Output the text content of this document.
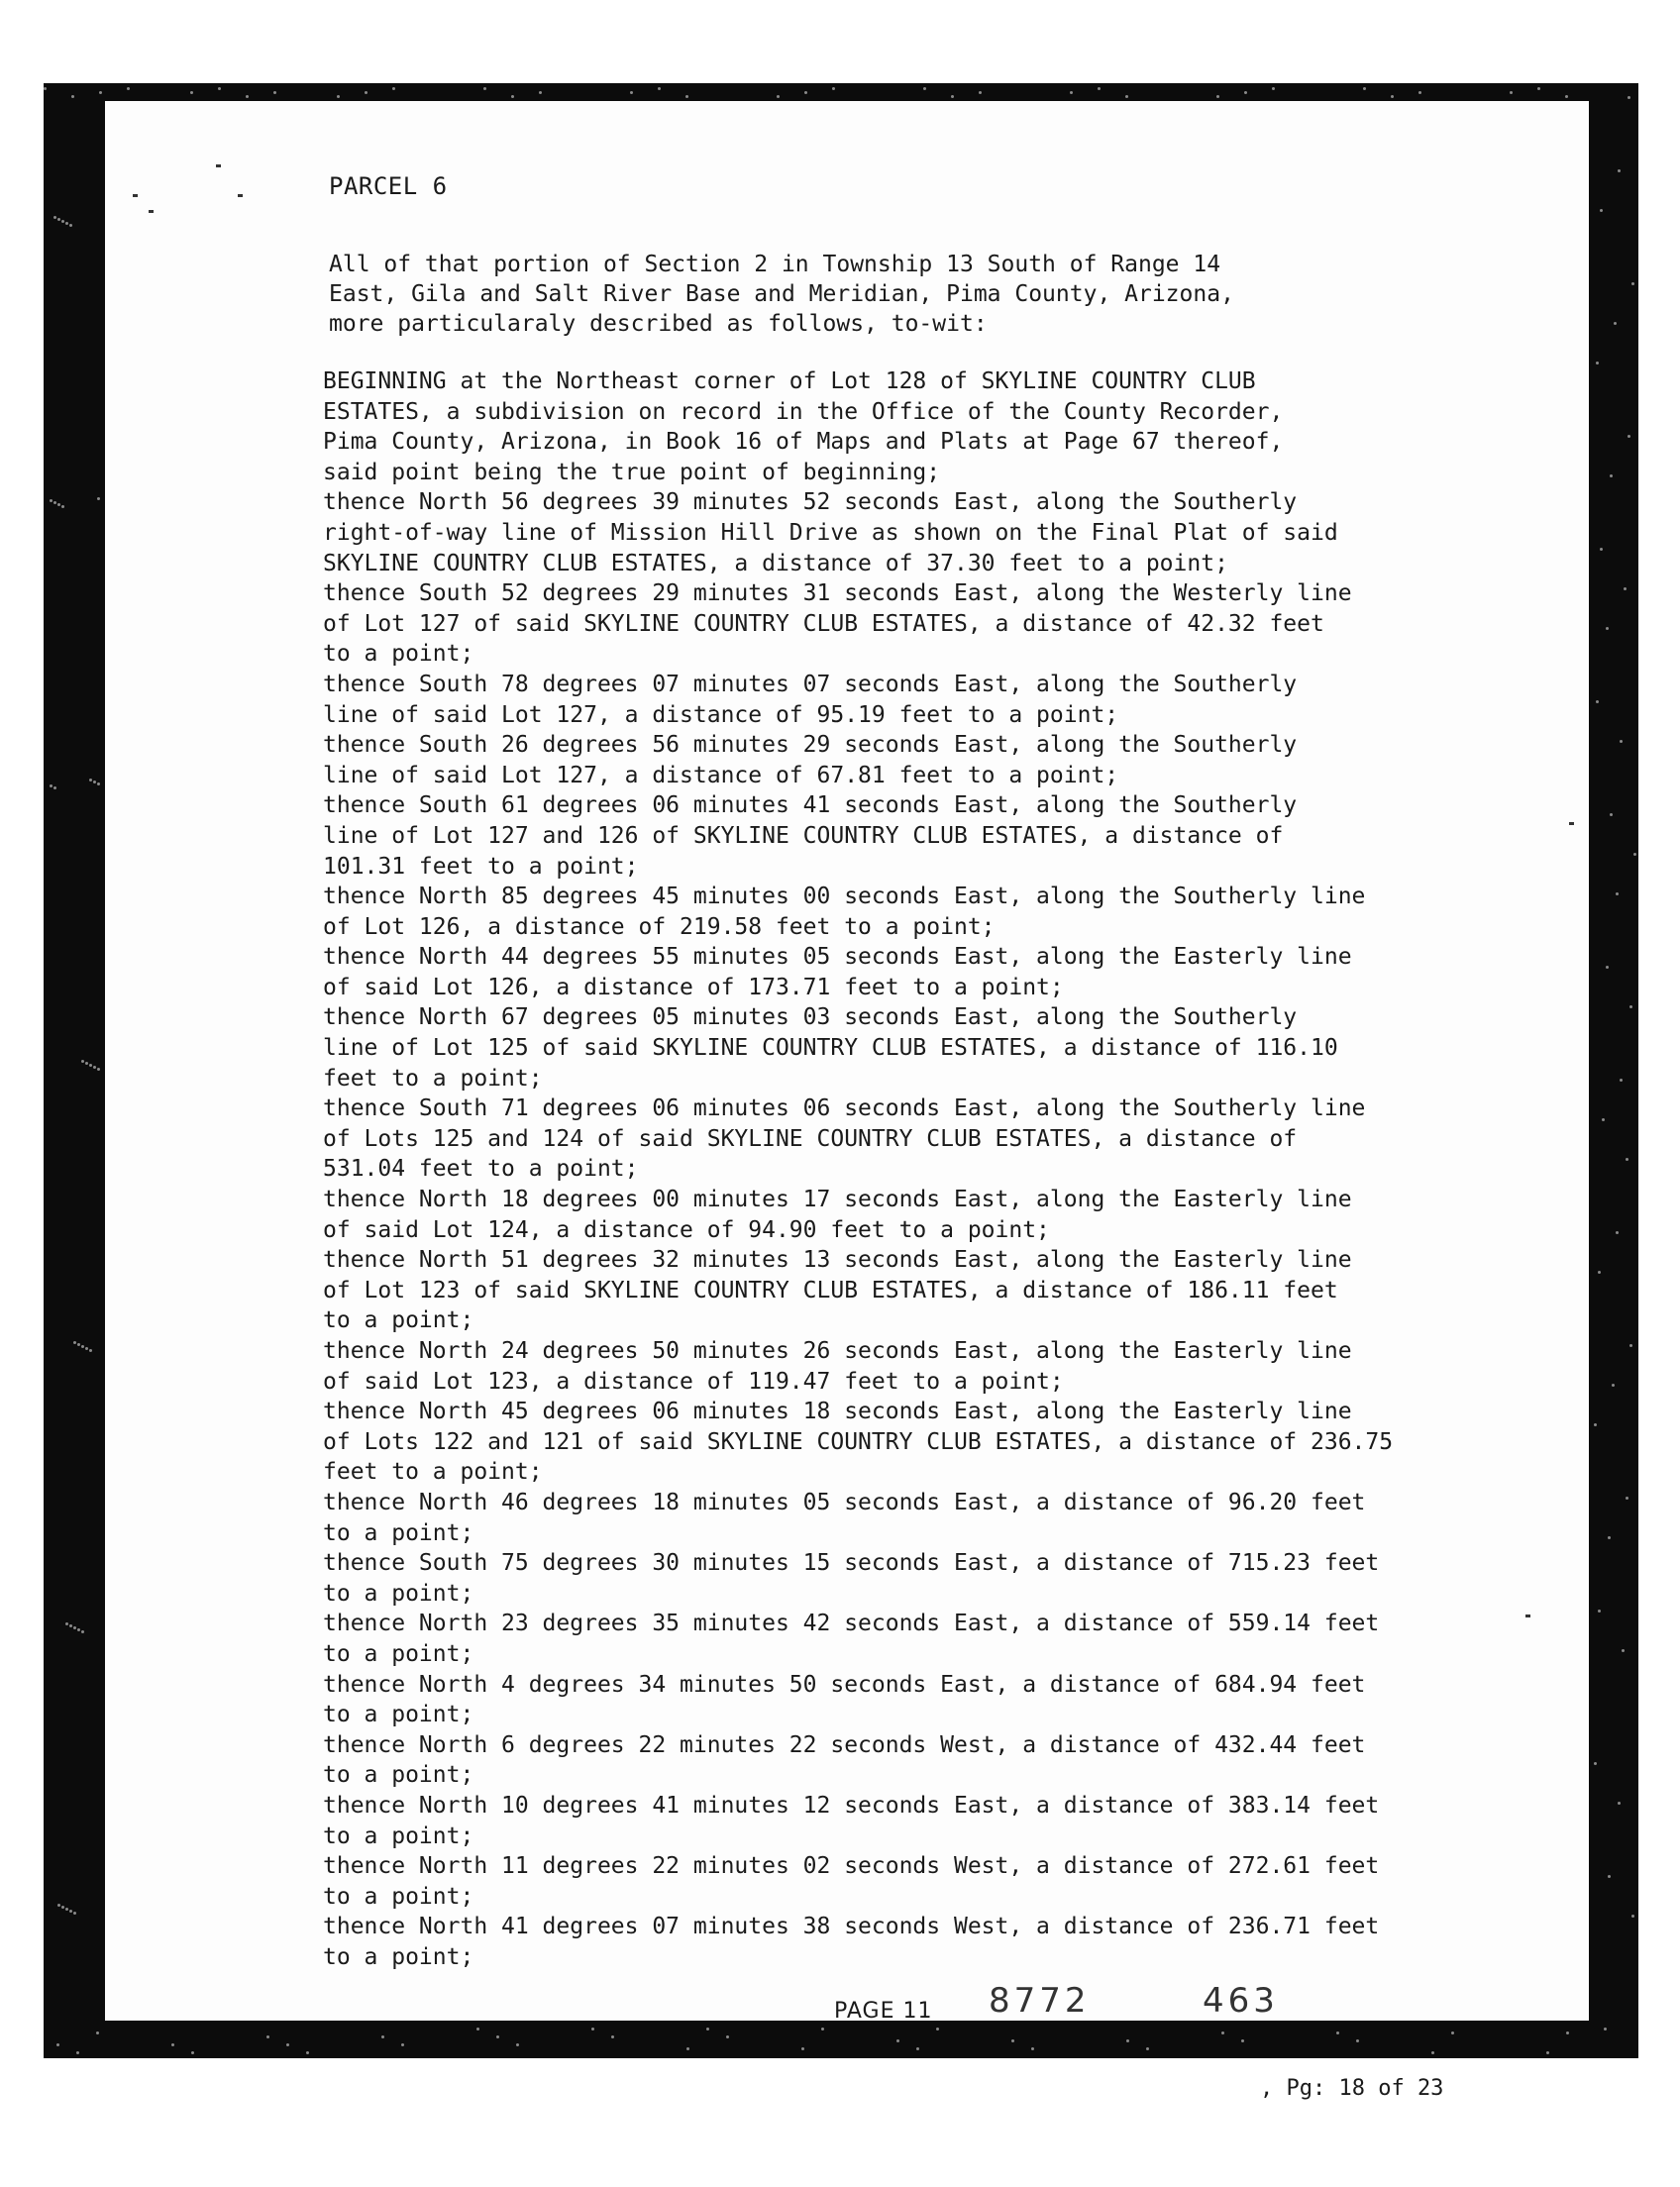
PARCEL 6
All of that portion of Section 2 in Township 13 South of Range 14
East, Gila and Salt River Base and Meridian, Pima County, Arizona,
more particularaly described as follows, to-wit:
BEGINNING at the Northeast corner of Lot 128 of SKYLINE COUNTRY CLUB
ESTATES, a subdivision on record in the Office of the County Recorder,
Pima County, Arizona, in Book 16 of Maps and Plats at Page 67 thereof,
said point being the true point of beginning;
thence North 56 degrees 39 minutes 52 seconds East, along the Southerly
right-of-way line of Mission Hill Drive as shown on the Final Plat of said
SKYLINE COUNTRY CLUB ESTATES, a distance of 37.30 feet to a point;
thence South 52 degrees 29 minutes 31 seconds East, along the Westerly line
of Lot 127 of said SKYLINE COUNTRY CLUB ESTATES, a distance of 42.32 feet
to a point;
thence South 78 degrees 07 minutes 07 seconds East, along the Southerly
line of said Lot 127, a distance of 95.19 feet to a point;
thence South 26 degrees 56 minutes 29 seconds East, along the Southerly
line of said Lot 127, a distance of 67.81 feet to a point;
thence South 61 degrees 06 minutes 41 seconds East, along the Southerly
line of Lot 127 and 126 of SKYLINE COUNTRY CLUB ESTATES, a distance of
101.31 feet to a point;
thence North 85 degrees 45 minutes 00 seconds East, along the Southerly line
of Lot 126, a distance of 219.58 feet to a point;
thence North 44 degrees 55 minutes 05 seconds East, along the Easterly line
of said Lot 126, a distance of 173.71 feet to a point;
thence North 67 degrees 05 minutes 03 seconds East, along the Southerly
line of Lot 125 of said SKYLINE COUNTRY CLUB ESTATES, a distance of 116.10
feet to a point;
thence South 71 degrees 06 minutes 06 seconds East, along the Southerly line
of Lots 125 and 124 of said SKYLINE COUNTRY CLUB ESTATES, a distance of
531.04 feet to a point;
thence North 18 degrees 00 minutes 17 seconds East, along the Easterly line
of said Lot 124, a distance of 94.90 feet to a point;
thence North 51 degrees 32 minutes 13 seconds East, along the Easterly line
of Lot 123 of said SKYLINE COUNTRY CLUB ESTATES, a distance of 186.11 feet
to a point;
thence North 24 degrees 50 minutes 26 seconds East, along the Easterly line
of said Lot 123, a distance of 119.47 feet to a point;
thence North 45 degrees 06 minutes 18 seconds East, along the Easterly line
of Lots 122 and 121 of said SKYLINE COUNTRY CLUB ESTATES, a distance of 236.75
feet to a point;
thence North 46 degrees 18 minutes 05 seconds East, a distance of 96.20 feet
to a point;
thence South 75 degrees 30 minutes 15 seconds East, a distance of 715.23 feet
to a point;
thence North 23 degrees 35 minutes 42 seconds East, a distance of 559.14 feet
to a point;
thence North 4 degrees 34 minutes 50 seconds East, a distance of 684.94 feet
to a point;
thence North 6 degrees 22 minutes 22 seconds West, a distance of 432.44 feet
to a point;
thence North 10 degrees 41 minutes 12 seconds East, a distance of 383.14 feet
to a point;
thence North 11 degrees 22 minutes 02 seconds West, a distance of 272.61 feet
to a point;
thence North 41 degrees 07 minutes 38 seconds West, a distance of 236.71 feet
to a point;
PAGE 11 8772	463
, Pg: 18 of 23
